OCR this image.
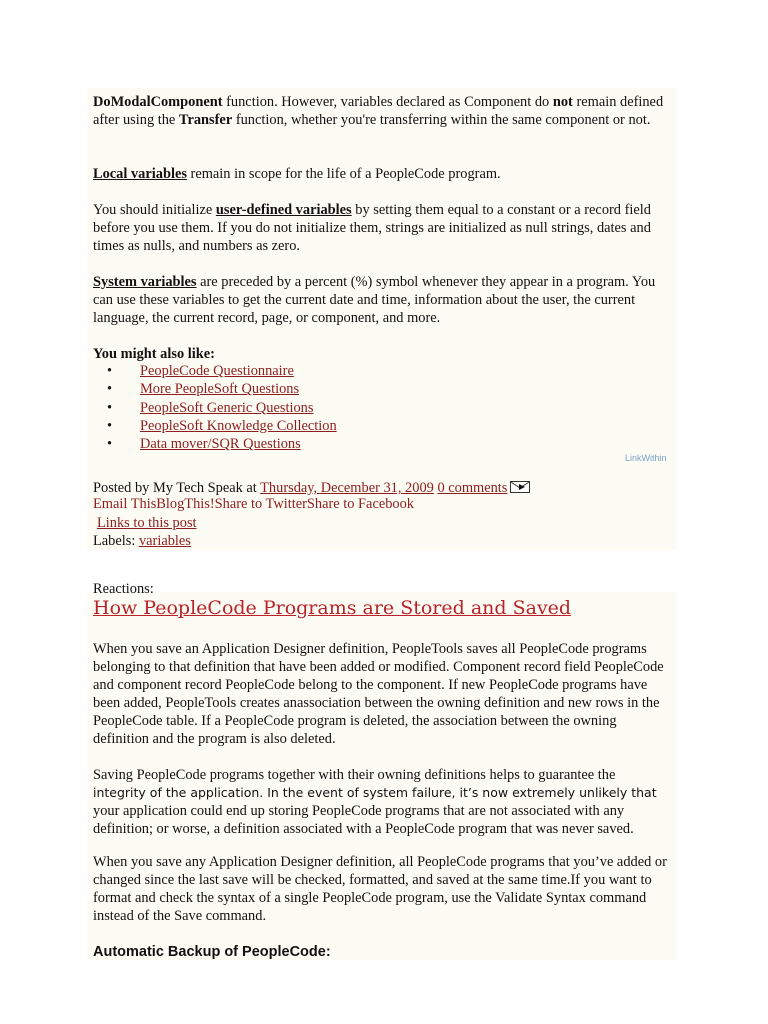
DoModalComponent function. However, variables declared as Component do not remain defined after using the Transfer function, whether you're transferring within the same component or not.

Local variables remain in scope for the life of a PeopleCode program.

You should initialize user-defined variables by setting them equal to a constant or a record field before you use them. If you do not initialize them, strings are initialized as null strings, dates and times as nulls, and numbers as zero.

System variables are preceded by a percent (%) symbol whenever they appear in a program. You can use these variables to get the current date and time, information about the user, the current language, the current record, page, or component, and more.

You might also like:

• PeopleCode Questionnaire
• More PeopleSoft Questions
• PeopleSoft Generic Questions
• PeopleSoft Knowledge Collection
• Data mover/SQR Questions
LinkWithin

Posted by My Tech Speak at Thursday, December 31, 2009 0 comments

Email ThisBlogThis!Share to TwitterShare to Facebook

Links to this post

Labels: variables

Reactions:

How PeopleCode Programs are Stored and Saved

When you save an Application Designer definition, PeopleTools saves all PeopleCode programs belonging to that definition that have been added or modified. Component record field PeopleCode and component record PeopleCode belong to the component. If new PeopleCode programs have been added, PeopleTools creates anassociation between the owning definition and new rows in the PeopleCode table. If a PeopleCode program is deleted, the association between the owning definition and the program is also deleted.

Saving PeopleCode programs together with their owning definitions helps to guarantee the integrity of the application. In the event of system failure, it’s now extremely unlikely that your application could end up storing PeopleCode programs that are not associated with any definition; or worse, a definition associated with a PeopleCode program that was never saved.

When you save any Application Designer definition, all PeopleCode programs that you’ve added or changed since the last save will be checked, formatted, and saved at the same time.If you want to format and check the syntax of a single PeopleCode program, use the Validate Syntax command instead of the Save command.

Automatic Backup of PeopleCode:
